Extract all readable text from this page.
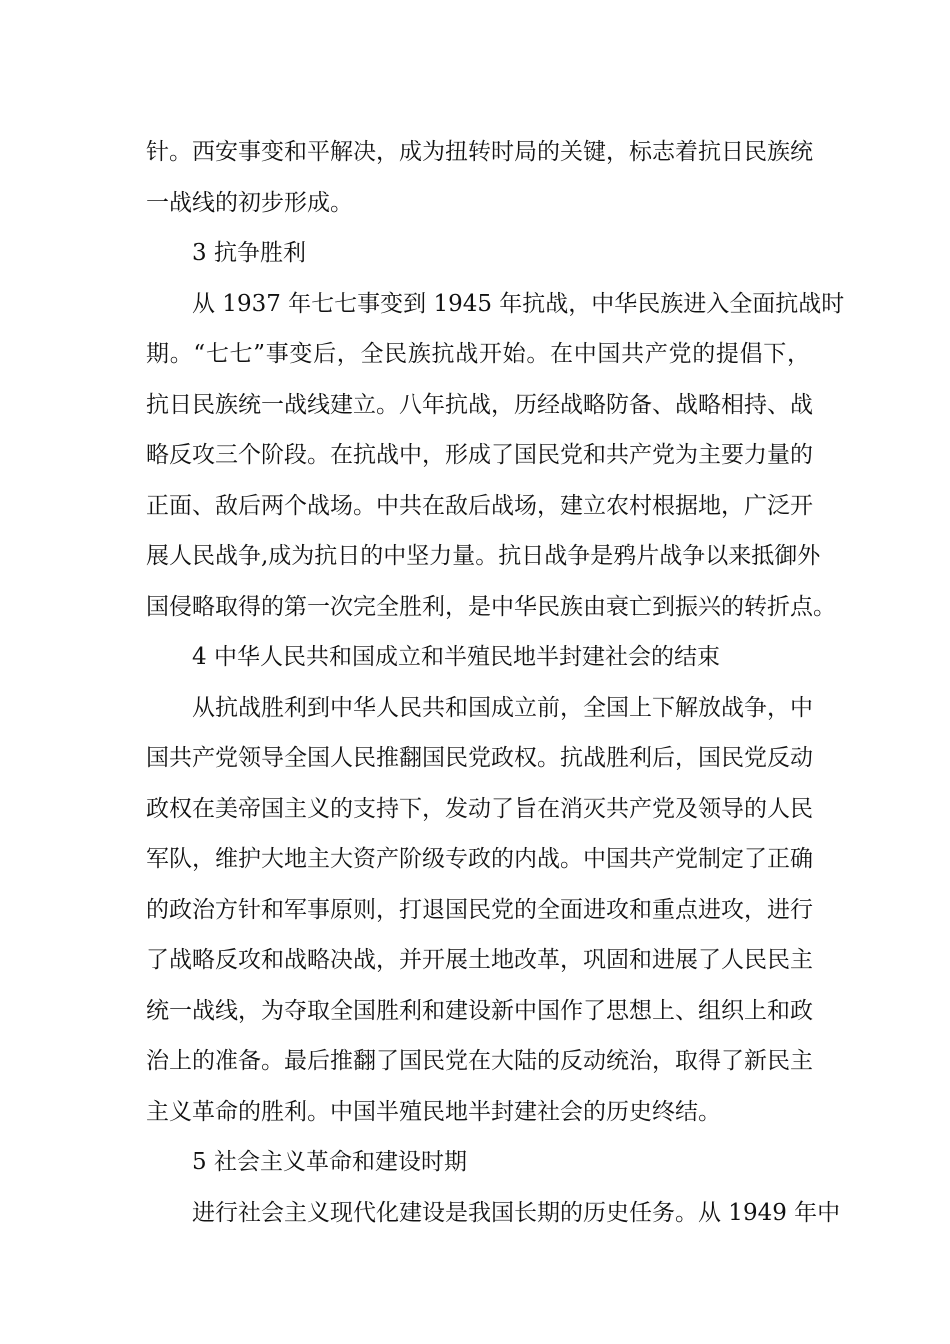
针。西安事变和平解决，成为扭转时局的关键，标志着抗日民族统
一战线的初步形成。
3 抗争胜利
从 1937 年七七事变到 1945 年抗战，中华民族进入全面抗战时
期。“七七”事变后，全民族抗战开始。在中国共产党的提倡下，
抗日民族统一战线建立。八年抗战，历经战略防备、战略相持、战
略反攻三个阶段。在抗战中，形成了国民党和共产党为主要力量的
正面、敌后两个战场。中共在敌后战场，建立农村根据地，广泛开
展人民战争,成为抗日的中坚力量。抗日战争是鸦片战争以来抵御外
国侵略取得的第一次完全胜利，是中华民族由衰亡到振兴的转折点。
4 中华人民共和国成立和半殖民地半封建社会的结束
从抗战胜利到中华人民共和国成立前，全国上下解放战争，中
国共产党领导全国人民推翻国民党政权。抗战胜利后，国民党反动
政权在美帝国主义的支持下，发动了旨在消灭共产党及领导的人民
军队，维护大地主大资产阶级专政的内战。中国共产党制定了正确
的政治方针和军事原则，打退国民党的全面进攻和重点进攻，进行
了战略反攻和战略决战，并开展土地改革，巩固和进展了人民民主
统一战线，为夺取全国胜利和建设新中国作了思想上、组织上和政
治上的准备。最后推翻了国民党在大陆的反动统治，取得了新民主
主义革命的胜利。中国半殖民地半封建社会的历史终结。
5 社会主义革命和建设时期
进行社会主义现代化建设是我国长期的历史任务。从 1949 年中
